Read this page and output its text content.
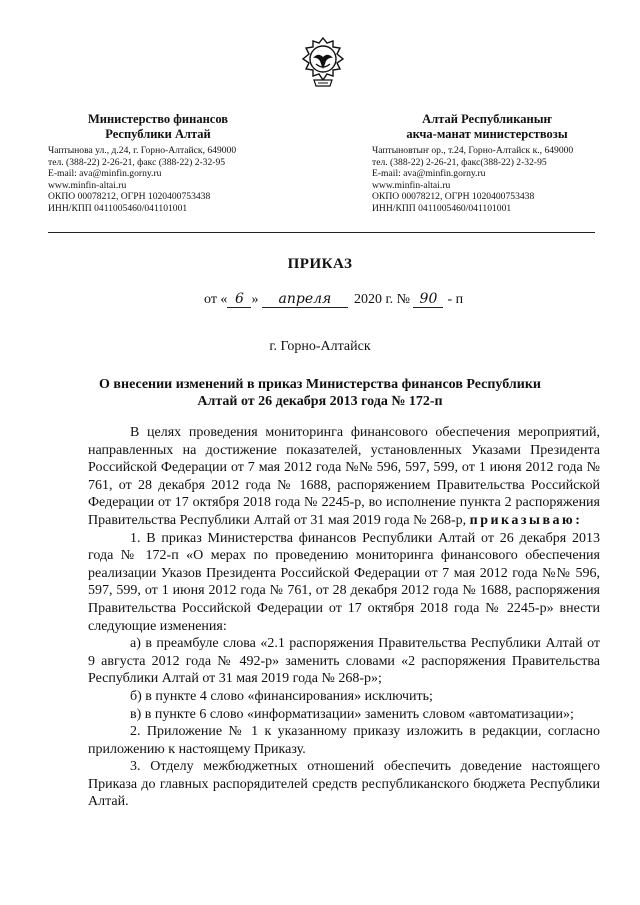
Министерство финансов
Республики Алтай
Чаптынова ул., д.24, г. Горно-Алтайск, 649000
тел. (388-22) 2-26-21, факс (388-22) 2-32-95
E-mail: ava@minfin.gorny.ru
www.minfin-altai.ru
ОКПО 00078212, ОГРН 1020400753438
ИНН/КПП 0411005460/041101001
Алтай Республиканыҥ
акча-манат министерствозы
Чаптыновтыҥ ор., т.24, Горно-Алтайск к., 649000
тел. (388-22) 2-26-21, факс(388-22) 2-32-95
E-mail: ava@minfin.gorny.ru
www.minfin-altai.ru
ОКПО 00078212, ОГРН 1020400753438
ИНН/КПП 0411005460/041101001
ПРИКАЗ
от « 6 » апреля 2020 г. № 90 - п
г. Горно-Алтайск
О внесении изменений в приказ Министерства финансов Республики Алтай от 26 декабря 2013 года № 172-п

В целях проведения мониторинга финансового обеспечения мероприятий, направленных на достижение показателей, установленных Указами Президента Российской Федерации от 7 мая 2012 года №№ 596, 597, 599, от 1 июня 2012 года № 761, от 28 декабря 2012 года № 1688, распоряжением Правительства Российской Федерации от 17 октября 2018 года № 2245-р, во исполнение пункта 2 распоряжения Правительства Республики Алтай от 31 мая 2019 года № 268-р, приказываю:

1. В приказ Министерства финансов Республики Алтай от 26 декабря 2013 года № 172-п «О мерах по проведению мониторинга финансового обеспечения реализации Указов Президента Российской Федерации от 7 мая 2012 года №№ 596, 597, 599, от 1 июня 2012 года № 761, от 28 декабря 2012 года № 1688, распоряжения Правительства Российской Федерации от 17 октября 2018 года № 2245-р» внести следующие изменения:

а) в преамбуле слова «2.1 распоряжения Правительства Республики Алтай от 9 августа 2012 года № 492-р» заменить словами «2 распоряжения Правительства Республики Алтай от 31 мая 2019 года № 268-р»;

б) в пункте 4 слово «финансирования» исключить;

в) в пункте 6 слово «информатизации» заменить словом «автоматизации»;

2. Приложение № 1 к указанному приказу изложить в редакции, согласно приложению к настоящему Приказу.

3. Отделу межбюджетных отношений обеспечить доведение настоящего Приказа до главных распорядителей средств республиканского бюджета Республики Алтай.
